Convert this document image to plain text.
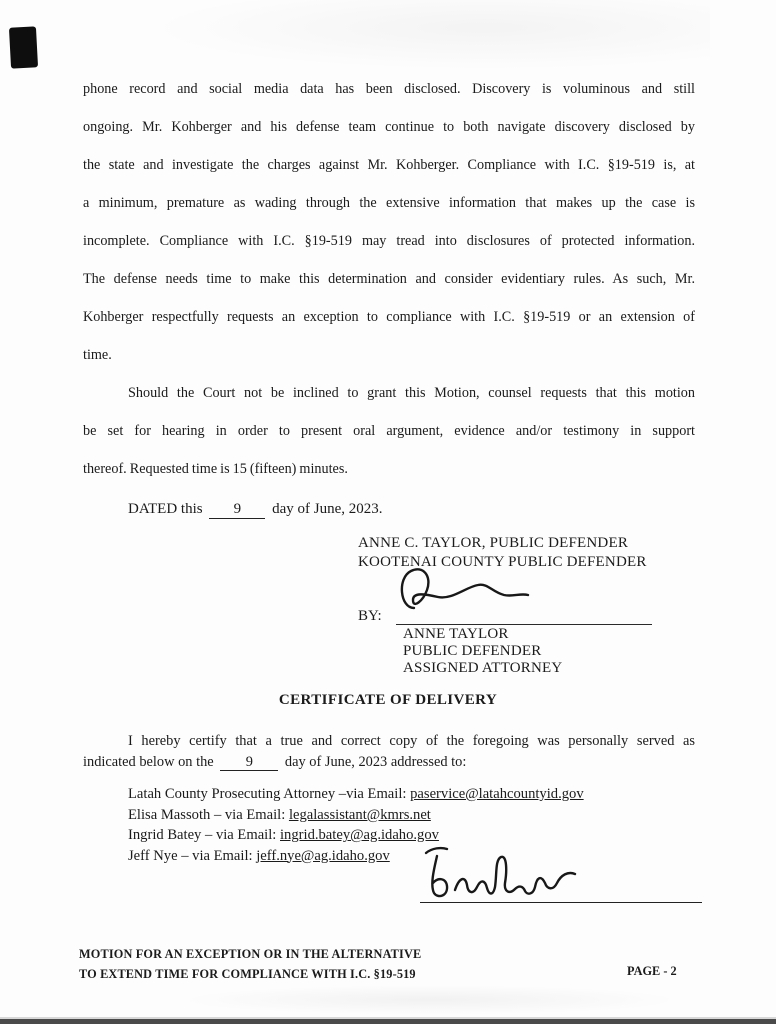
phone record and social media data has been disclosed. Discovery is voluminous and still
ongoing. Mr. Kohberger and his defense team continue to both navigate discovery disclosed by
the state and investigate the charges against Mr. Kohberger. Compliance with I.C. §19-519 is, at
a minimum, premature as wading through the extensive information that makes up the case is
incomplete. Compliance with I.C. §19-519 may tread into disclosures of protected information.
The defense needs time to make this determination and consider evidentiary rules. As such, Mr.
Kohberger respectfully requests an exception to compliance with I.C. §19-519 or an extension of
time.
Should the Court not be inclined to grant this Motion, counsel requests that this motion
be set for hearing in order to present oral argument, evidence and/or testimony in support
thereof. Requested time is 15 (fifteen) minutes.
DATED this 9 day of June, 2023.
ANNE C. TAYLOR, PUBLIC DEFENDER
KOOTENAI COUNTY PUBLIC DEFENDER
BY:
ANNE TAYLOR
PUBLIC DEFENDER
ASSIGNED ATTORNEY
CERTIFICATE OF DELIVERY
I hereby certify that a true and correct copy of the foregoing was personally served as
indicated below on the 9 day of June, 2023 addressed to:
Latah County Prosecuting Attorney –via Email: paservice@latahcountyid.gov
Elisa Massoth – via Email: legalassistant@kmrs.net
Ingrid Batey – via Email: ingrid.batey@ag.idaho.gov
Jeff Nye – via Email: jeff.nye@ag.idaho.gov
MOTION FOR AN EXCEPTION OR IN THE ALTERNATIVE
TO EXTEND TIME FOR COMPLIANCE WITH I.C. §19-519	PAGE - 2
